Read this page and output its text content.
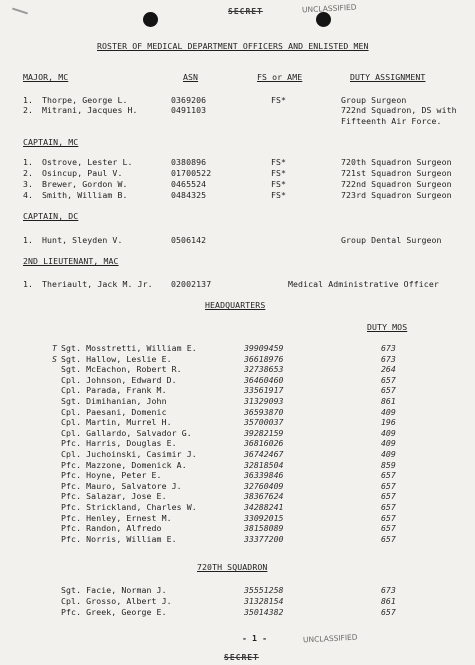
SECRET	UNCLASSIFIED
ROSTER OF MEDICAL DEPARTMENT OFFICERS AND ENLISTED MEN
MAJOR, MC	ASN	FS or AME	DUTY ASSIGNMENT
1. Thorpe, George L.	0369206	FS*	Group Surgeon
2. Mitrani, Jacques H.	0491103	722nd Squadron, DS with
Fifteenth Air Force.
CAPTAIN, MC
1. Ostrove, Lester L.	0380896	FS*	720th Squadron Surgeon
2. Osincup, Paul V.	01700522	FS*	721st Squadron Surgeon
3. Brewer, Gordon W.	0465524	FS*	722nd Squadron Surgeon
4. Smith, William B.	0484325	FS*	723rd Squadron Surgeon
CAPTAIN, DC
1. Hunt, Sleyden V.	0506142	Group Dental Surgeon
2ND LIEUTENANT, MAC
1. Theriault, Jack M. Jr. 02002137	Medical Administrative Officer
HEADQUARTERS
DUTY MOS
T Sgt. Mosstretti, William E.	39909459	673
S Sgt. Hallow, Leslie E.	36618976	673
Sgt. McEachon, Robert R.	32738653	264
Cpl. Johnson, Edward D.	36460460	657
Cpl. Parada, Frank M.	33561917	657
Sgt. Dimihanian, John	31329093	861
Cpl. Paesani, Domenic	36593870	409
Cpl. Martin, Murrel H.	35700037	196
Cpl. Gallardo, Salvador G.	39282159	409
Pfc. Harris, Douglas E.	36816026	409
Cpl. Juchoinski, Casimir J.	36742467	409
Pfc. Mazzone, Domenick A.	32818504	859
Pfc. Hoyne, Peter E.	36339846	657
Pfc. Mauro, Salvatore J.	32760409	657
Pfc. Salazar, Jose E.	38367624	657
Pfc. Strickland, Charles W.	34288241	657
Pfc. Henley, Ernest M.	33092015	657
Pfc. Randon, Alfredo	38158089	657
Pfc. Norris, William E.	33377200	657
720TH SQUADRON
Sgt. Facie, Norman J.	35551258	673
Cpl. Grosso, Albert J.	31328154	861
Pfc. Greek, George E.	35014382	657
- 1 -	UNCLASSIFIED
SECRET
